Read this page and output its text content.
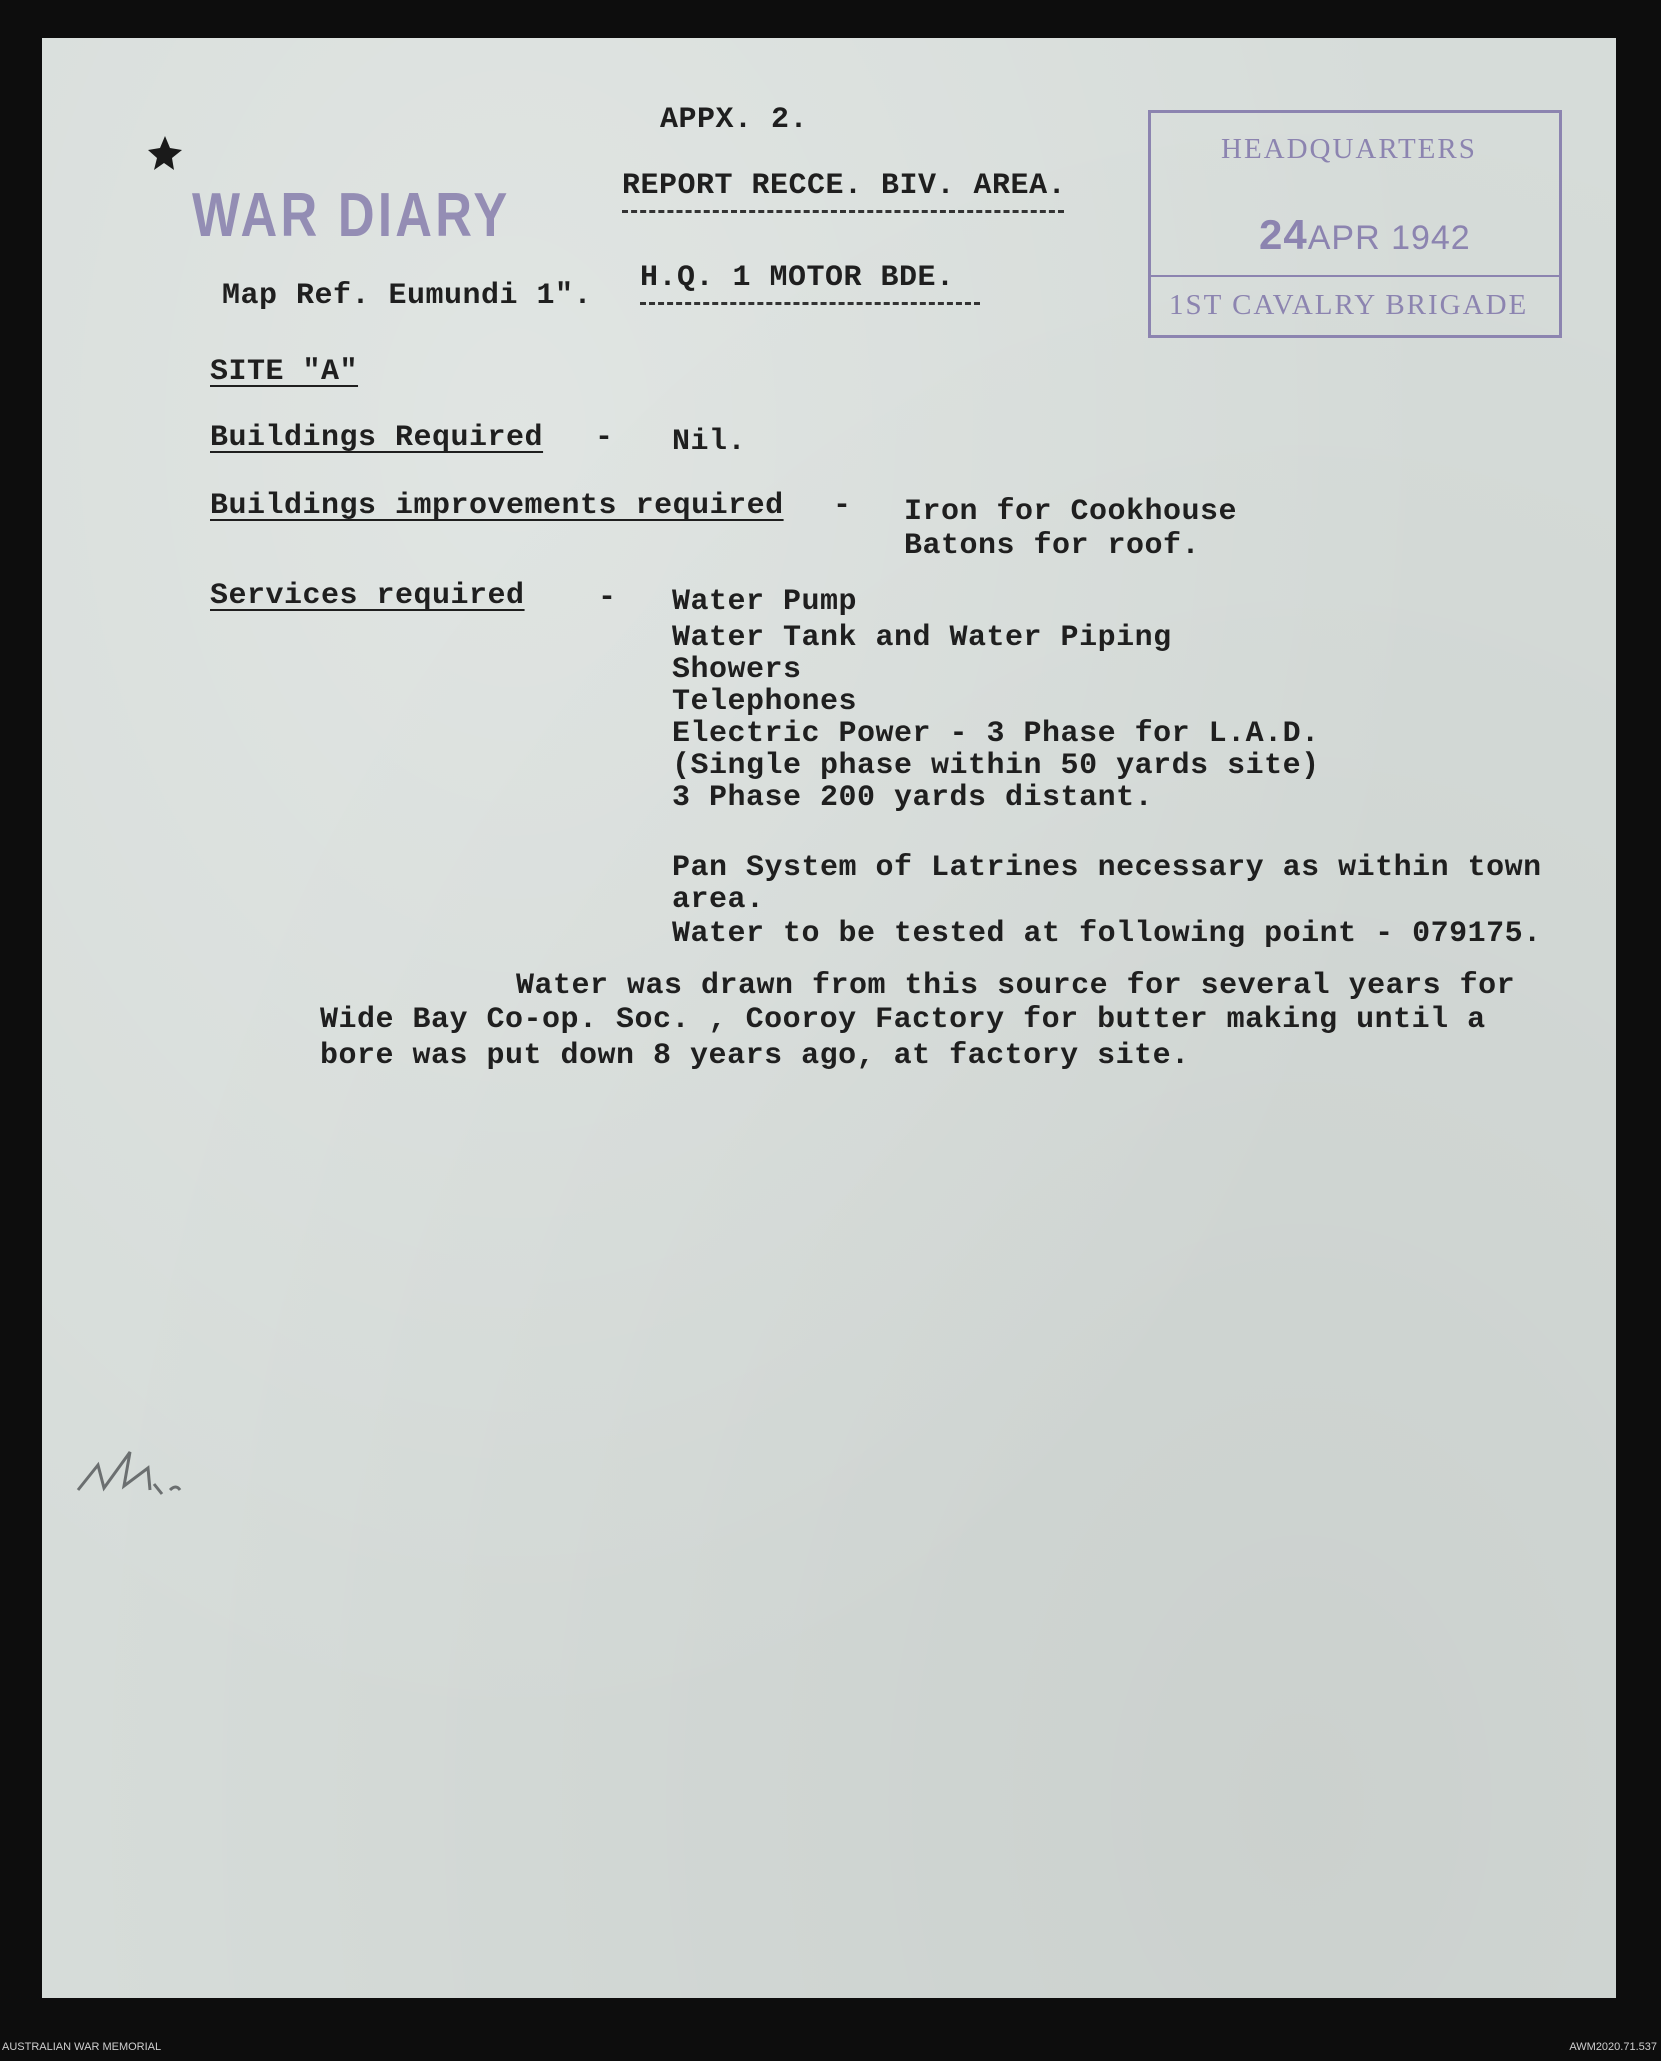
APPX. 2.
REPORT RECCE. BIV. AREA.
H.Q. 1 MOTOR BDE.
Map Ref. Eumundi 1".
WAR DIARY
HEADQUARTERS
24APR 1942
1ST CAVALRY BRIGADE
SITE "A"
Buildings Required - Nil.
Buildings improvements required - Iron for Cookhouse
Batons for roof.
Services required - Water Pump
Water Tank and Water Piping
Showers
Telephones
Electric Power - 3 Phase for L.A.D.
(Single phase within 50 yards site)
3 Phase 200 yards distant.
Pan System of Latrines necessary as within town
area.
Water to be tested at following point - 079175.
Water was drawn from this source for several years for
Wide Bay Co-op. Soc. , Cooroy Factory for butter making until a
bore was put down 8 years ago, at factory site.
AUSTRALIAN WAR MEMORIAL	AWM2020.71.537
